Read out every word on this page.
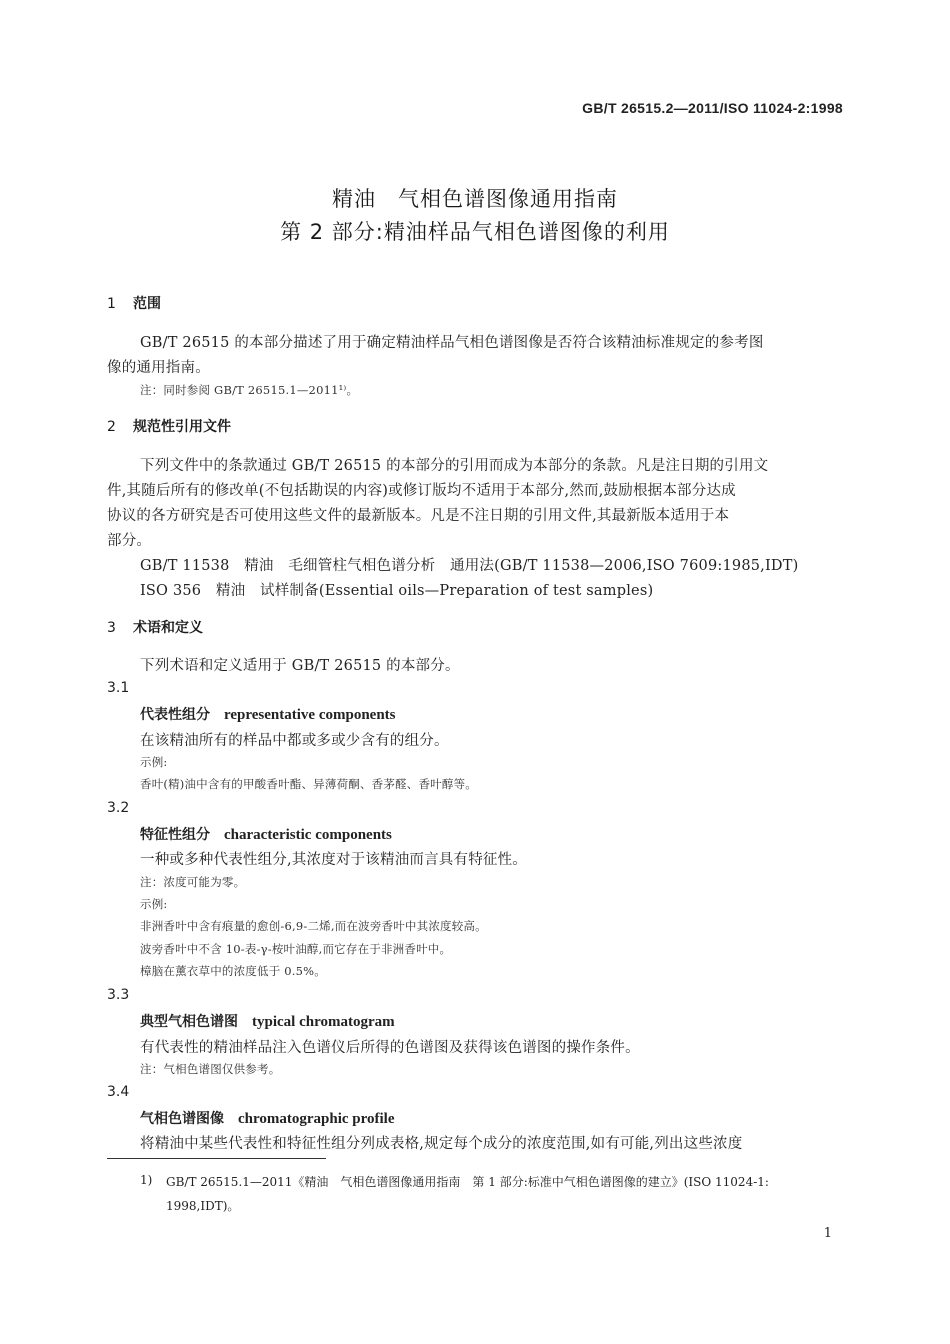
GB/T 26515.2—2011/ISO 11024-2:1998
精油　气相色谱图像通用指南
第 2 部分:精油样品气相色谱图像的利用
1 范围
GB/T 26515 的本部分描述了用于确定精油样品气相色谱图像是否符合该精油标准规定的参考图
像的通用指南。
注：同时参阅 GB/T 26515.1—2011¹⁾。
2 规范性引用文件
下列文件中的条款通过 GB/T 26515 的本部分的引用而成为本部分的条款。凡是注日期的引用文
件,其随后所有的修改单(不包括勘误的内容)或修订版均不适用于本部分,然而,鼓励根据本部分达成
协议的各方研究是否可使用这些文件的最新版本。凡是不注日期的引用文件,其最新版本适用于本
部分。
GB/T 11538　精油　毛细管柱气相色谱分析　通用法(GB/T 11538—2006,ISO 7609:1985,IDT)
ISO 356　精油　试样制备(Essential oils—Preparation of test samples)
3 术语和定义
下列术语和定义适用于 GB/T 26515 的本部分。
3.1
代表性组分 representative components
在该精油所有的样品中都或多或少含有的组分。
示例:
香叶(精)油中含有的甲酸香叶酯、异薄荷酮、香茅醛、香叶醇等。
3.2
特征性组分 characteristic components
一种或多种代表性组分,其浓度对于该精油而言具有特征性。
注：浓度可能为零。
示例:
非洲香叶中含有痕量的愈创-6,9-二烯,而在波旁香叶中其浓度较高。
波旁香叶中不含 10-表-γ-桉叶油醇,而它存在于非洲香叶中。
樟脑在薰衣草中的浓度低于 0.5%。
3.3
典型气相色谱图 typical chromatogram
有代表性的精油样品注入色谱仪后所得的色谱图及获得该色谱图的操作条件。
注：气相色谱图仅供参考。
3.4
气相色谱图像 chromatographic profile
将精油中某些代表性和特征性组分列成表格,规定每个成分的浓度范围,如有可能,列出这些浓度
1) GB/T 26515.1—2011《精油　气相色谱图像通用指南　第 1 部分:标准中气相色谱图像的建立》(ISO 11024-1:
1998,IDT)。
1
